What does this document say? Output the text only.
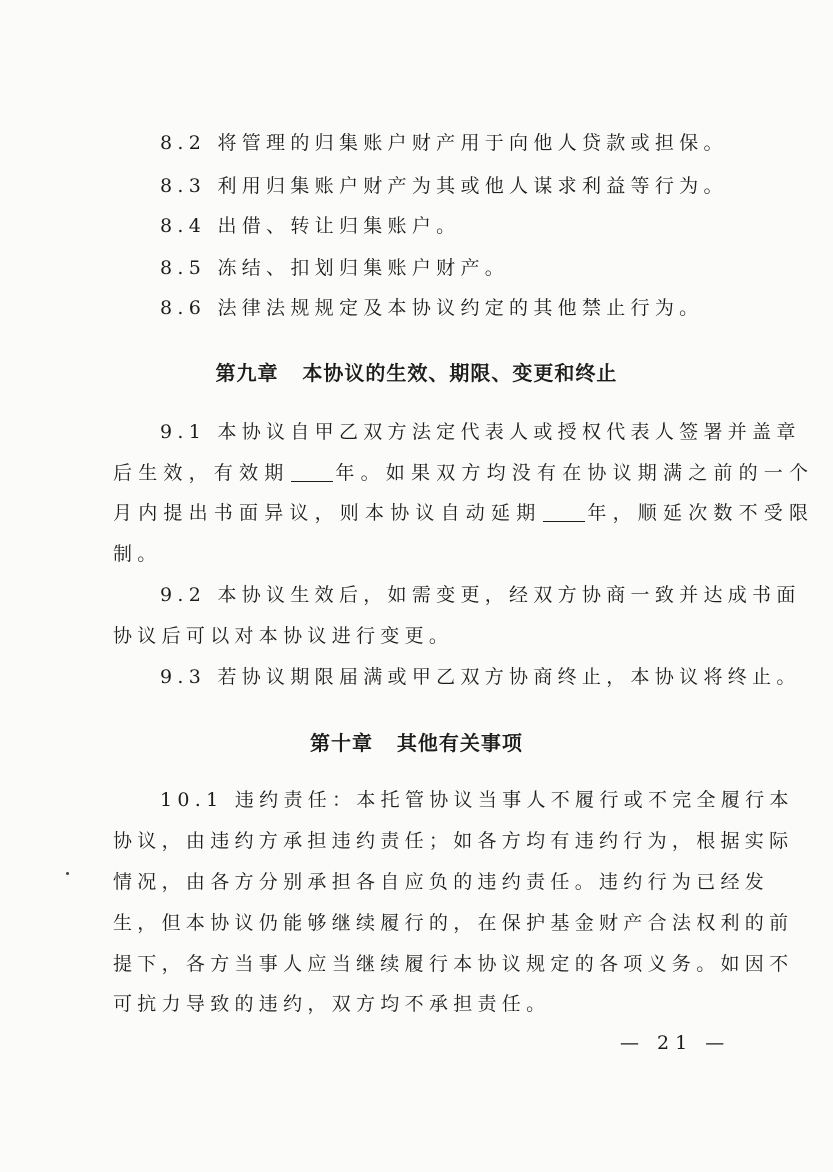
8.2 将管理的归集账户财产用于向他人贷款或担保。
8.3 利用归集账户财产为其或他人谋求利益等行为。
8.4 出借、转让归集账户。
8.5 冻结、扣划归集账户财产。
8.6 法律法规规定及本协议约定的其他禁止行为。
第九章   本协议的生效、期限、变更和终止
9.1 本协议自甲乙双方法定代表人或授权代表人签署并盖章
后生效，有效期 年。如果双方均没有在协议期满之前的一个
月内提出书面异议，则本协议自动延期 年，顺延次数不受限
制。
9.2 本协议生效后，如需变更，经双方协商一致并达成书面
协议后可以对本协议进行变更。
9.3 若协议期限届满或甲乙双方协商终止，本协议将终止。
第十章   其他有关事项
10.1 违约责任：本托管协议当事人不履行或不完全履行本
协议，由违约方承担违约责任；如各方均有违约行为，根据实际
情况，由各方分别承担各自应负的违约责任。违约行为已经发
生，但本协议仍能够继续履行的，在保护基金财产合法权利的前
提下，各方当事人应当继续履行本协议规定的各项义务。如因不
可抗力导致的违约，双方均不承担责任。
— 21 —
